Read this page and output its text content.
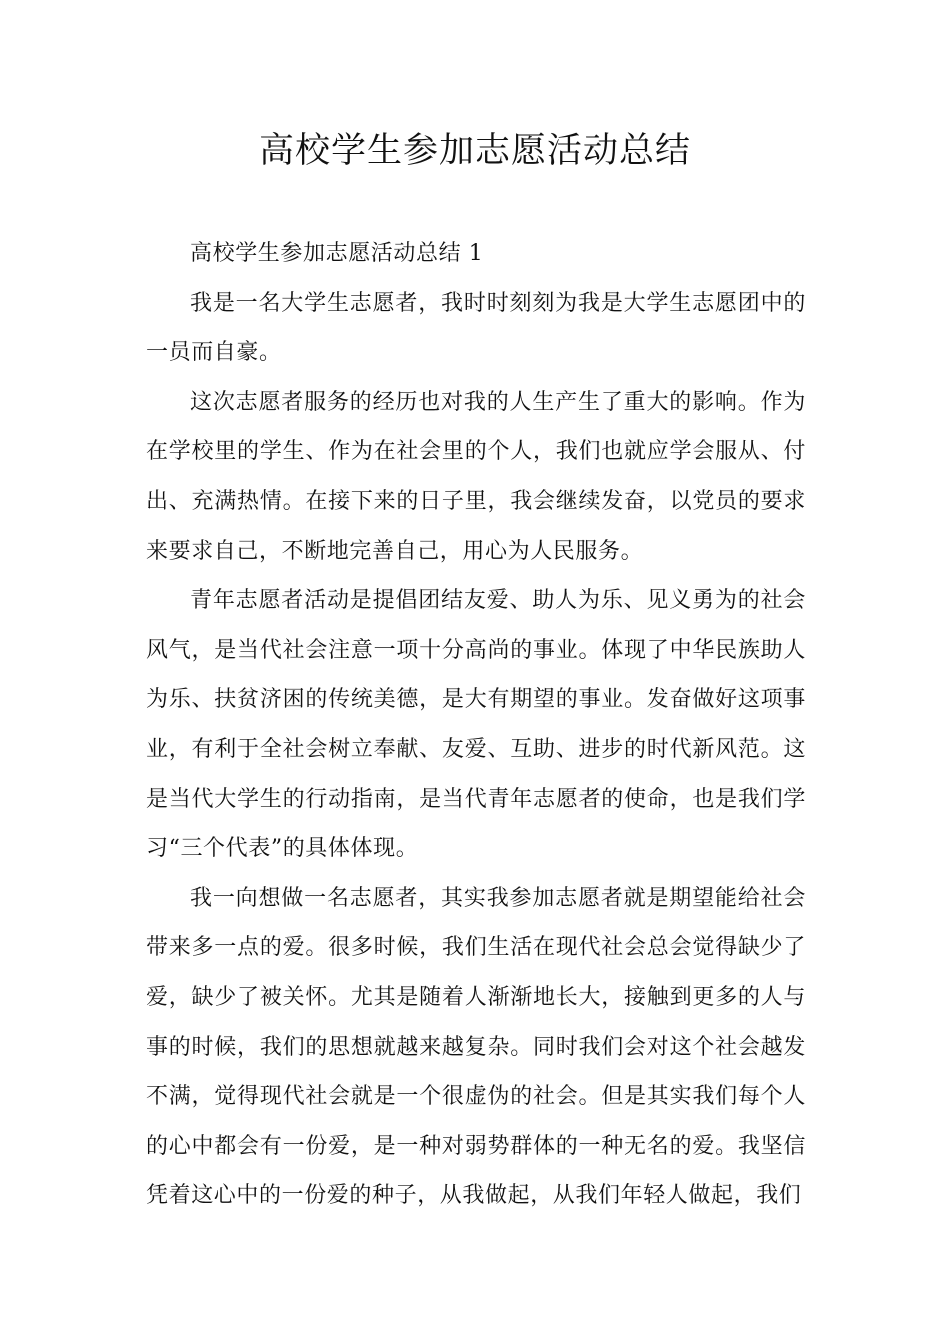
高校学生参加志愿活动总结

高校学生参加志愿活动总结 1

我是一名大学生志愿者，我时时刻刻为我是大学生志愿团中的一员而自豪。

这次志愿者服务的经历也对我的人生产生了重大的影响。作为在学校里的学生、作为在社会里的个人，我们也就应学会服从、付出、充满热情。在接下来的日子里，我会继续发奋，以党员的要求来要求自己，不断地完善自己，用心为人民服务。

青年志愿者活动是提倡团结友爱、助人为乐、见义勇为的社会风气，是当代社会注意一项十分高尚的事业。体现了中华民族助人为乐、扶贫济困的传统美德，是大有期望的事业。发奋做好这项事业，有利于全社会树立奉献、友爱、互助、进步的时代新风范。这是当代大学生的行动指南，是当代青年志愿者的使命，也是我们学习“三个代表”的具体体现。

我一向想做一名志愿者，其实我参加志愿者就是期望能给社会带来多一点的爱。很多时候，我们生活在现代社会总会觉得缺少了爱，缺少了被关怀。尤其是随着人渐渐地长大，接触到更多的人与事的时候，我们的思想就越来越复杂。同时我们会对这个社会越发不满，觉得现代社会就是一个很虚伪的社会。但是其实我们每个人的心中都会有一份爱，是一种对弱势群体的一种无名的爱。我坚信凭着这心中的一份爱的种子，从我做起，从我们年轻人做起，我们
